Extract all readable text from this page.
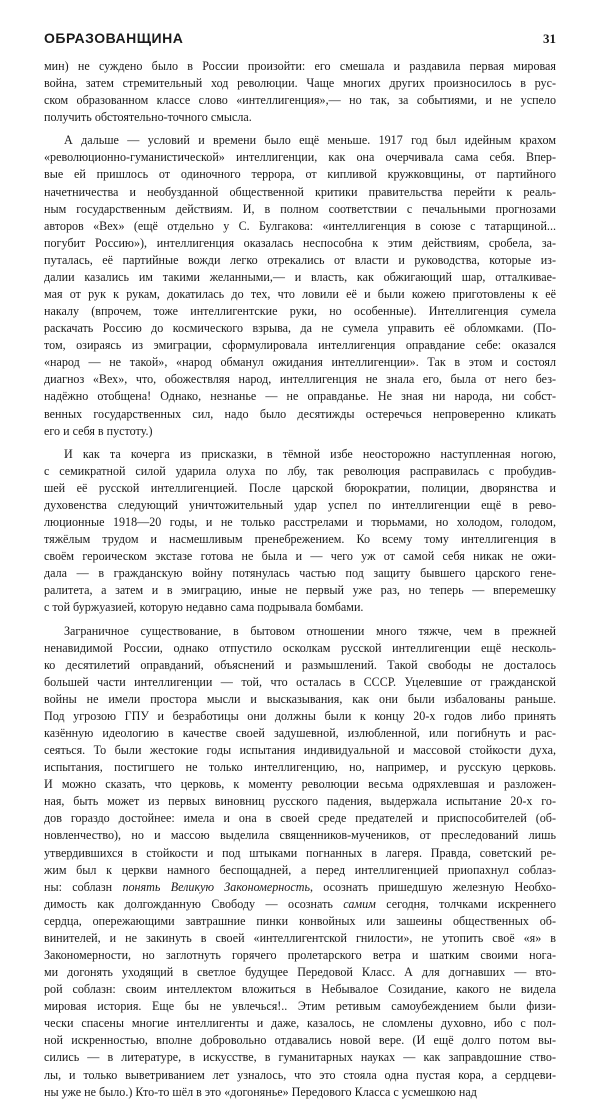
ОБРАЗОВАНЩИНА	31
мин) не суждено было в России произойти: его смешала и раздавила первая мировая
война, затем стремительный ход революции. Чаще многих других произносилось в рус-
ском образованном классе слово «интеллигенция»,— но так, за событиями, и не успело
получить обстоятельно-точного смысла.
А дальше — условий и времени было ещё меньше. 1917 год был идейным крахом
«революционно-гуманистической» интеллигенции, как она очерчивала сама себя. Впер-
вые ей пришлось от одиночного террора, от кипливой кружковщины, от партийного
начетничества и необузданной общественной критики правительства перейти к реаль-
ным государственным действиям. И, в полном соответствии с печальными прогнозами
авторов «Вех» (ещё отдельно у С. Булгакова: «интеллигенция в союзе с татарщиной...
погубит Россию»), интеллигенция оказалась неспособна к этим действиям, сробела, за-
путалась, её партийные вожди легко отрекались от власти и руководства, которые из-
далии казались им такими желанными,— и власть, как обжигающий шар, отталкивае-
мая от рук к рукам, докатилась до тех, что ловили её и были кожею приготовлены к её
накалу (впрочем, тоже интеллигентские руки, но особенные). Интеллигенция сумела
раскачать Россию до космического взрыва, да не сумела управить её обломками. (По-
том, озираясь из эмиграции, сформулировала интеллигенция оправдание себе: оказался
«народ — не такой», «народ обманул ожидания интеллигенции». Так в этом и состоял
диагноз «Вех», что, обожествляя народ, интеллигенция не знала его, была от него без-
надёжно отобщена! Однако, незнанье — не оправданье. Не зная ни народа, ни собст-
венных государственных сил, надо было десятижды остеречься непроверенно кликать
его и себя в пустоту.)
И как та кочерга из присказки, в тёмной избе неосторожно наступленная ногою,
с семикратной силой ударила олуха по лбу, так революция расправилась с пробудив-
шей её русской интеллигенцией. После царской бюрократии, полиции, дворянства и
духовенства следующий уничтожительный удар успел по интеллигенции ещё в рево-
люционные 1918—20 годы, и не только расстрелами и тюрьмами, но холодом, голодом,
тяжёлым трудом и насмешливым пренебрежением. Ко всему тому интеллигенция в
своём героическом экстазе готова не была и — чего уж от самой себя никак не ожи-
дала — в гражданскую войну потянулась частью под защиту бывшего царского гене-
ралитета, а затем и в эмиграцию, иные не первый уже раз, но теперь — вперемешку
с той буржуазией, которую недавно сама подрывала бомбами.
Заграничное существование, в бытовом отношении много тяжче, чем в прежней
ненавидимой России, однако отпустило осколкам русской интеллигенции ещё несколь-
ко десятилетий оправданий, объяснений и размышлений. Такой свободы не досталось
большей части интеллигенции — той, что осталась в СССР. Уцелевшие от гражданской
войны не имели простора мысли и высказывания, как они были избалованы раньше.
Под угрозою ГПУ и безработицы они должны были к концу 20-х годов либо принять
казённую идеологию в качестве своей задушевной, излюбленной, или погибнуть и рас-
сеяться. То были жестокие годы испытания индивидуальной и массовой стойкости духа,
испытания, постигшего не только интеллигенцию, но, например, и русскую церковь.
И можно сказать, что церковь, к моменту революции весьма одряхлевшая и разложен-
ная, быть может из первых виновниц русского падения, выдержала испытание 20-х го-
дов гораздо достойнее: имела и она в своей среде предателей и приспособителей (об-
новленчество), но и массою выделила священников-мучеников, от преследований лишь
утвердившихся в стойкости и под штыками погнанных в лагеря. Правда, советский ре-
жим был к церкви намного беспощадней, а перед интеллигенцией приопахнул соблаз-
ны: соблазн понять Великую Закономерность, осознать пришедшую железную Необхо-
димость как долгожданную Свободу — осознать самим сегодня, толчками искреннего
сердца, опережающими завтрашние пинки конвойных или зашеины общественных об-
винителей, и не закинуть в своей «интеллигентской гнилости», не утопить своё «я» в
Закономерности, но заглотнуть горячего пролетарского ветра и шатким своими нога-
ми догонять уходящий в светлое будущее Передовой Класс. А для догнавших — вто-
рой соблазн: своим интеллектом вложиться в Небывалое Созидание, какого не видела
мировая история. Еще бы не увлечься!.. Этим ретивым самоубеждением были физи-
чески спасены многие интеллигенты и даже, казалось, не сломлены духовно, ибо с пол-
ной искренностью, вполне добровольно отдавались новой вере. (И ещё долго потом вы-
сились — в литературе, в искусстве, в гуманитарных науках — как заправдошние ство-
лы, и только выветриванием лет узналось, что это стояла одна пустая кора, а сердцеви-
ны уже не было.) Кто-то шёл в это «догонянье» Передового Класса с усмешкою над
